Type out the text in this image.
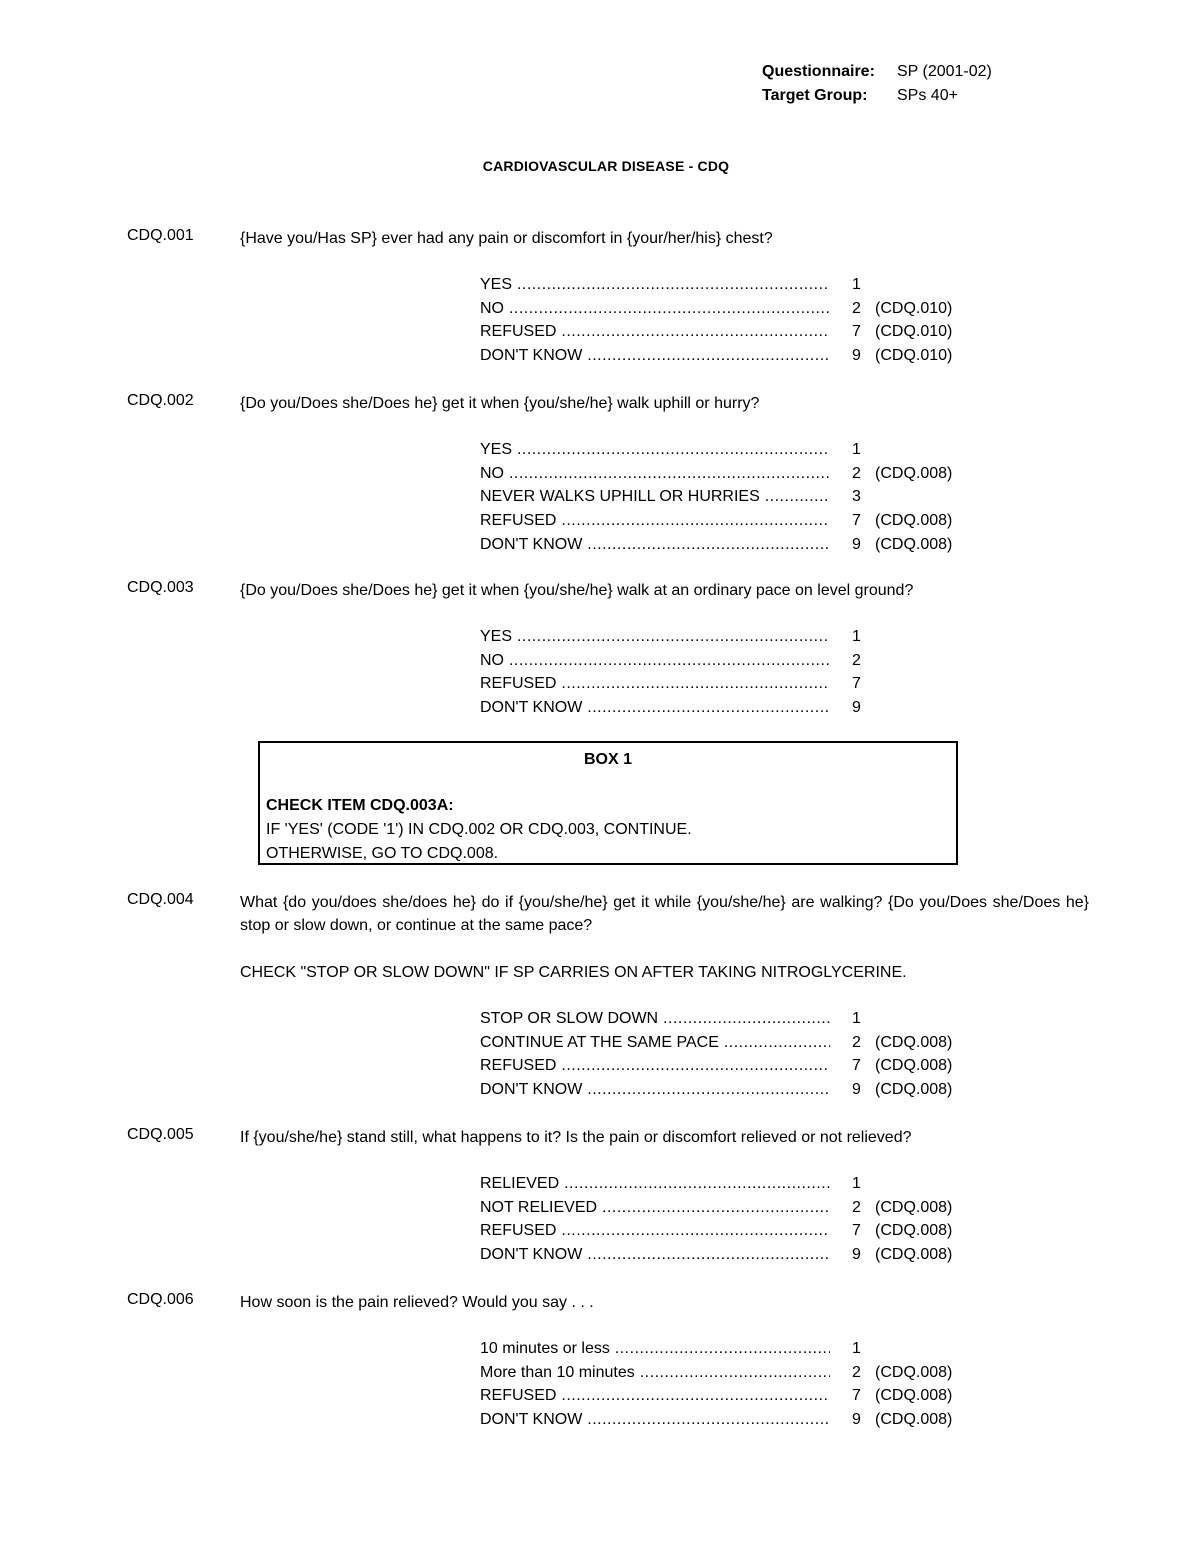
Questionnaire: SP (2001-02)
Target Group: SPs 40+
CARDIOVASCULAR DISEASE - CDQ
CDQ.001	{Have you/Has SP} ever had any pain or discomfort in {your/her/his} chest?
YES .....	1
NO .....	2 (CDQ.010)
REFUSED .....	7 (CDQ.010)
DON'T KNOW .....	9 (CDQ.010)
CDQ.002	{Do you/Does she/Does he} get it when {you/she/he} walk uphill or hurry?
YES .....	1
NO .....	2 (CDQ.008)
NEVER WALKS UPHILL OR HURRIES .....	3
REFUSED .....	7 (CDQ.008)
DON'T KNOW .....	9 (CDQ.008)
CDQ.003	{Do you/Does she/Does he} get it when {you/she/he} walk at an ordinary pace on level ground?
YES .....	1
NO .....	2
REFUSED .....	7
DON'T KNOW .....	9
BOX 1
CHECK ITEM CDQ.003A:
IF 'YES' (CODE '1') IN CDQ.002 OR CDQ.003, CONTINUE.
OTHERWISE, GO TO CDQ.008.
CDQ.004	What {do you/does she/does he} do if {you/she/he} get it while {you/she/he} are walking? {Do you/Does she/Does he} stop or slow down, or continue at the same pace?
CHECK "STOP OR SLOW DOWN" IF SP CARRIES ON AFTER TAKING NITROGLYCERINE.
STOP OR SLOW DOWN .....	1
CONTINUE AT THE SAME PACE .....	2 (CDQ.008)
REFUSED .....	7 (CDQ.008)
DON'T KNOW .....	9 (CDQ.008)
CDQ.005	If {you/she/he} stand still, what happens to it? Is the pain or discomfort relieved or not relieved?
RELIEVED .....	1
NOT RELIEVED .....	2 (CDQ.008)
REFUSED .....	7 (CDQ.008)
DON'T KNOW .....	9 (CDQ.008)
CDQ.006	How soon is the pain relieved? Would you say . . .
10 minutes or less .....	1
More than 10 minutes .....	2 (CDQ.008)
REFUSED .....	7 (CDQ.008)
DON'T KNOW .....	9 (CDQ.008)
